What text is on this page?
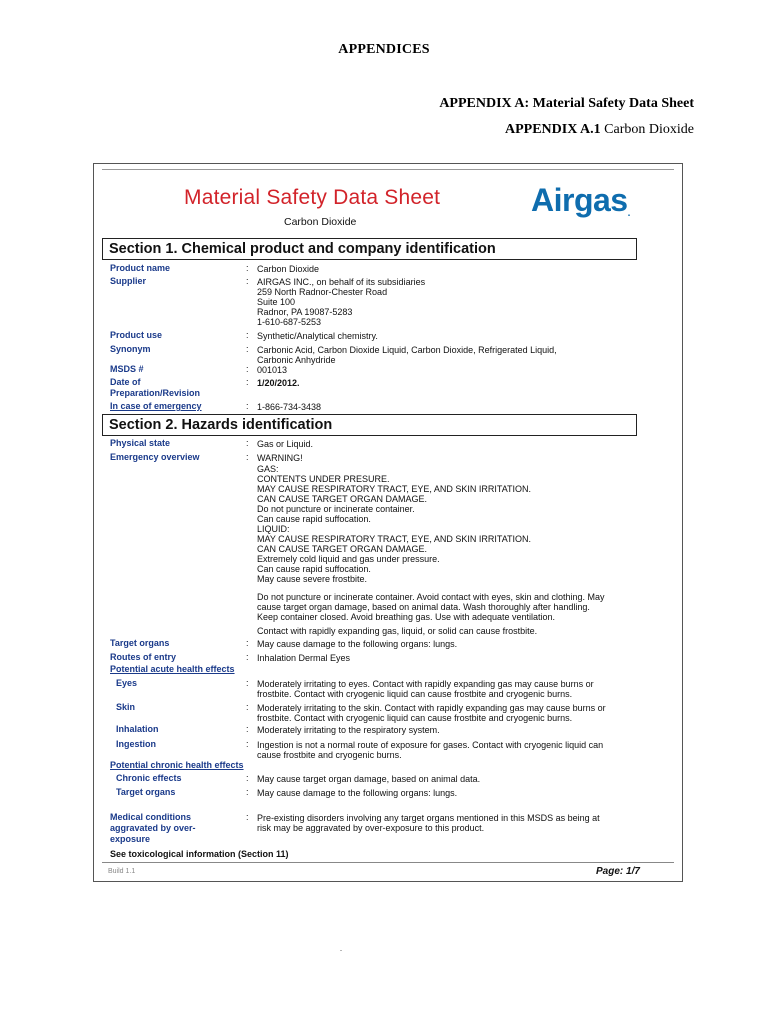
APPENDICES
APPENDIX A: Material Safety Data Sheet
APPENDIX A.1 Carbon Dioxide
Material Safety Data Sheet
Carbon Dioxide
Airgas.
Section 1. Chemical product and company identification
Product name	: Carbon Dioxide
Supplier	: AIRGAS INC., on behalf of its subsidiaries
259 North Radnor-Chester Road
Suite 100
Radnor, PA 19087-5283
1-610-687-5253
Product use	: Synthetic/Analytical chemistry.
Synonym	: Carbonic Acid, Carbon Dioxide Liquid, Carbon Dioxide, Refrigerated Liquid,
Carbonic Anhydride
MSDS #	: 001013
Date of
Preparation/Revision
: 1/20/2012.
In case of emergency	: 1-866-734-3438
Section 2. Hazards identification
Physical state	: Gas or Liquid.
Emergency overview	: WARNING!
GAS:
CONTENTS UNDER PRESURE.
MAY CAUSE RESPIRATORY TRACT, EYE, AND SKIN IRRITATION.
CAN CAUSE TARGET ORGAN DAMAGE.
Do not puncture or incinerate container.
Can cause rapid suffocation.
LIQUID:
MAY CAUSE RESPIRATORY TRACT, EYE, AND SKIN IRRITATION.
CAN CAUSE TARGET ORGAN DAMAGE.
Extremely cold liquid and gas under pressure.
Can cause rapid suffocation.
May cause severe frostbite.
Do not puncture or incinerate container. Avoid contact with eyes, skin and clothing. May
cause target organ damage, based on animal data. Wash thoroughly after handling.
Keep container closed. Avoid breathing gas. Use with adequate ventilation.
Contact with rapidly expanding gas, liquid, or solid can cause frostbite.
Target organs	: May cause damage to the following organs: lungs.
Routes of entry	: Inhalation Dermal Eyes
Potential acute health effects
Eyes	: Moderately irritating to eyes. Contact with rapidly expanding gas may cause burns or
frostbite. Contact with cryogenic liquid can cause frostbite and cryogenic burns.
Skin	: Moderately irritating to the skin. Contact with rapidly expanding gas may cause burns or
frostbite. Contact with cryogenic liquid can cause frostbite and cryogenic burns.
Inhalation	: Moderately irritating to the respiratory system.
Ingestion	: Ingestion is not a normal route of exposure for gases. Contact with cryogenic liquid can
cause frostbite and cryogenic burns.
Potential chronic health effects
Chronic effects	: May cause target organ damage, based on animal data.
Target organs	: May cause damage to the following organs: lungs.
Medical conditions
aggravated by over-
exposure
: Pre-existing disorders involving any target organs mentioned in this MSDS as being at
risk may be aggravated by over-exposure to this product.
See toxicological information (Section 11)
Build 1.1	Page: 1/7
.
